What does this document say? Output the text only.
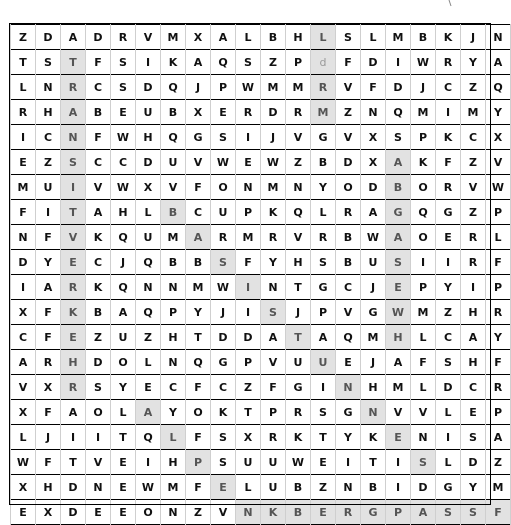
Z	D	A	D	R	V	M	X	A	L	B	H	L	S	L	M	B	K	J	N
T	S	T	F	S	I	K	A	Q	S	Z	P	d	F	D	I	W	R	Y	A
L	N	R	C	S	D	Q	J	P	W	M	M	R	V	F	D	J	C	Z	Q
R	H	A	B	E	U	B	X	E	R	D	R	M	Z	N	Q	M	I	M	Y
I	C	N	F	W	H	Q	G	S	I	J	V	G	V	X	S	P	K	C	X
E	Z	S	C	C	D	U	V	W	E	W	Z	B	D	X	A	K	F	Z	V
M	U	I	V	W	X	V	F	O	N	M	N	Y	O	D	B	O	R	V	W
F	I	T	A	H	L	B	C	U	P	K	Q	L	R	A	G	Q	G	Z	P
N	F	V	K	Q	U	M	A	R	M	R	V	R	B	W	A	O	E	R	L
D	Y	E	C	J	Q	B	B	S	F	Y	H	S	B	U	S	I	I	R	F
I	A	R	K	Q	N	N	M	W	I	N	T	G	C	J	E	P	Y	I	P
X	F	K	B	A	Q	P	Y	J	I	S	J	P	V	G	W	M	Z	H	R
C	F	E	Z	U	Z	H	T	D	D	A	T	A	Q	M	H	L	C	A	Y
A	R	H	D	O	L	N	Q	G	P	V	U	U	E	J	A	F	S	H	F
V	X	R	S	Y	E	C	F	C	Z	F	G	I	N	H	M	L	D	C	R
X	F	A	O	L	A	Y	O	K	T	P	R	S	G	N	V	V	L	E	P
L	J	I	I	T	Q	L	F	S	X	R	K	T	Y	K	E	N	I	S	A
W	F	T	V	E	I	H	P	S	U	U	W	E	I	T	I	S	L	D	Z
X	H	D	N	E	W	M	F	E	L	U	B	Z	N	B	I	D	G	Y	M
E	X	D	E	E	O	N	Z	V	N	K	B	E	R	G	P	A	S	S	F
